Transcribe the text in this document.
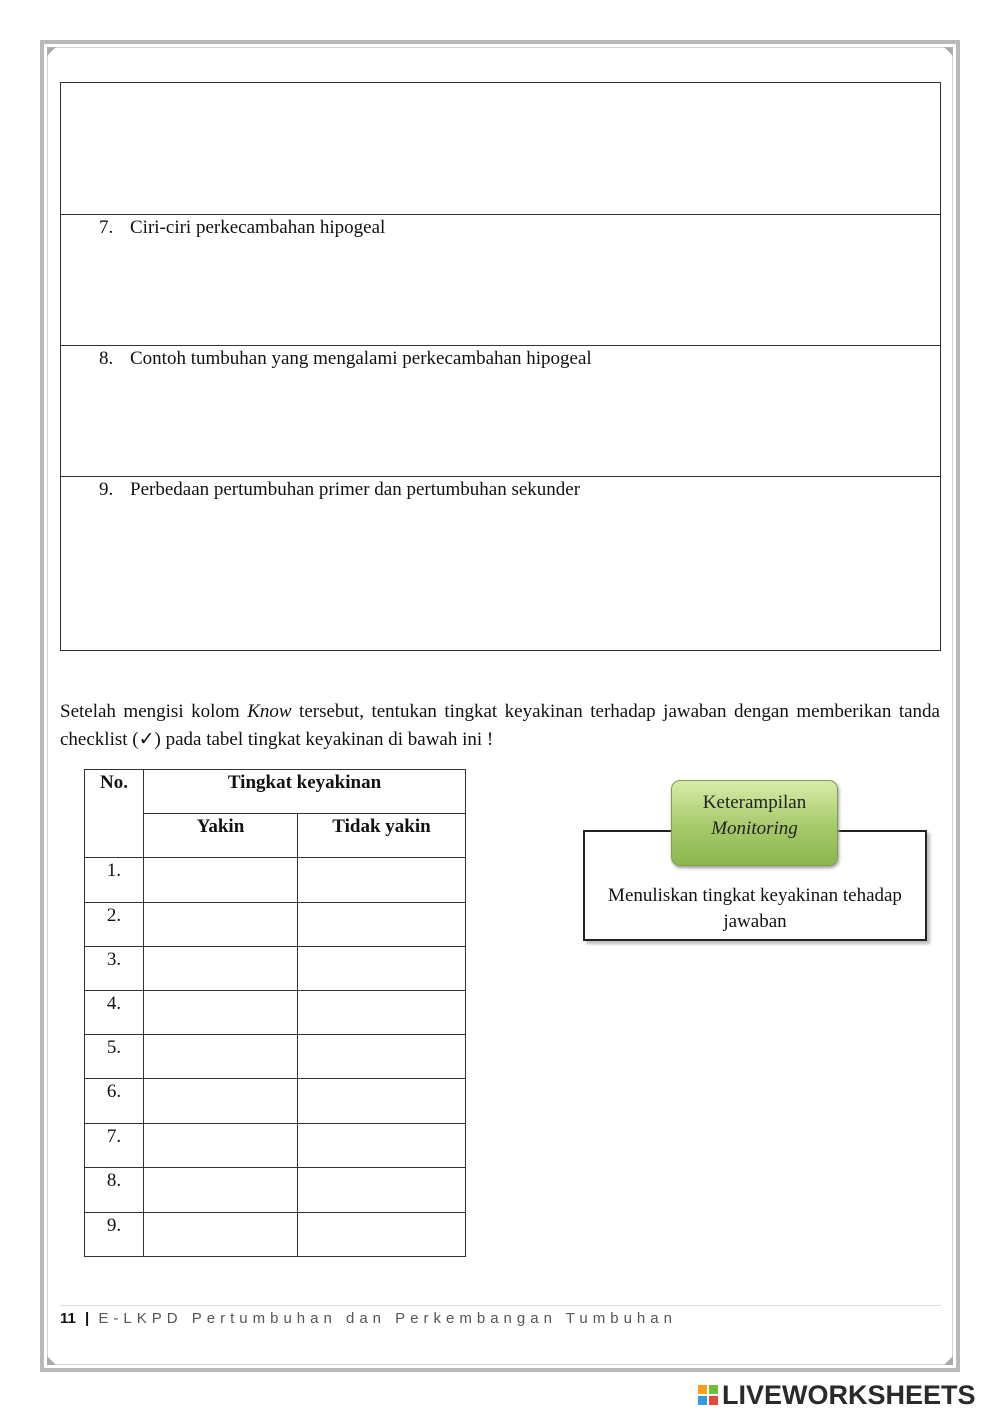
7. Ciri-ciri perkecambahan hipogeal
8. Contoh tumbuhan yang mengalami perkecambahan hipogeal
9. Perbedaan pertumbuhan primer dan pertumbuhan sekunder
Setelah mengisi kolom Know tersebut, tentukan tingkat keyakinan terhadap jawaban dengan memberikan tanda checklist (✓) pada tabel tingkat keyakinan di bawah ini !
No.	Tingkat keyakinan	
	Yakin	Tidak yakin
1.		
2.		
3.		
4.		
5.		
6.		
7.		
8.		
9.		
Menuliskan tingkat keyakinan tehadap jawaban
Keterampilan
Monitoring
11 | E-LKPD Pertumbuhan dan Perkembangan Tumbuhan
LIVEWORKSHEETS
